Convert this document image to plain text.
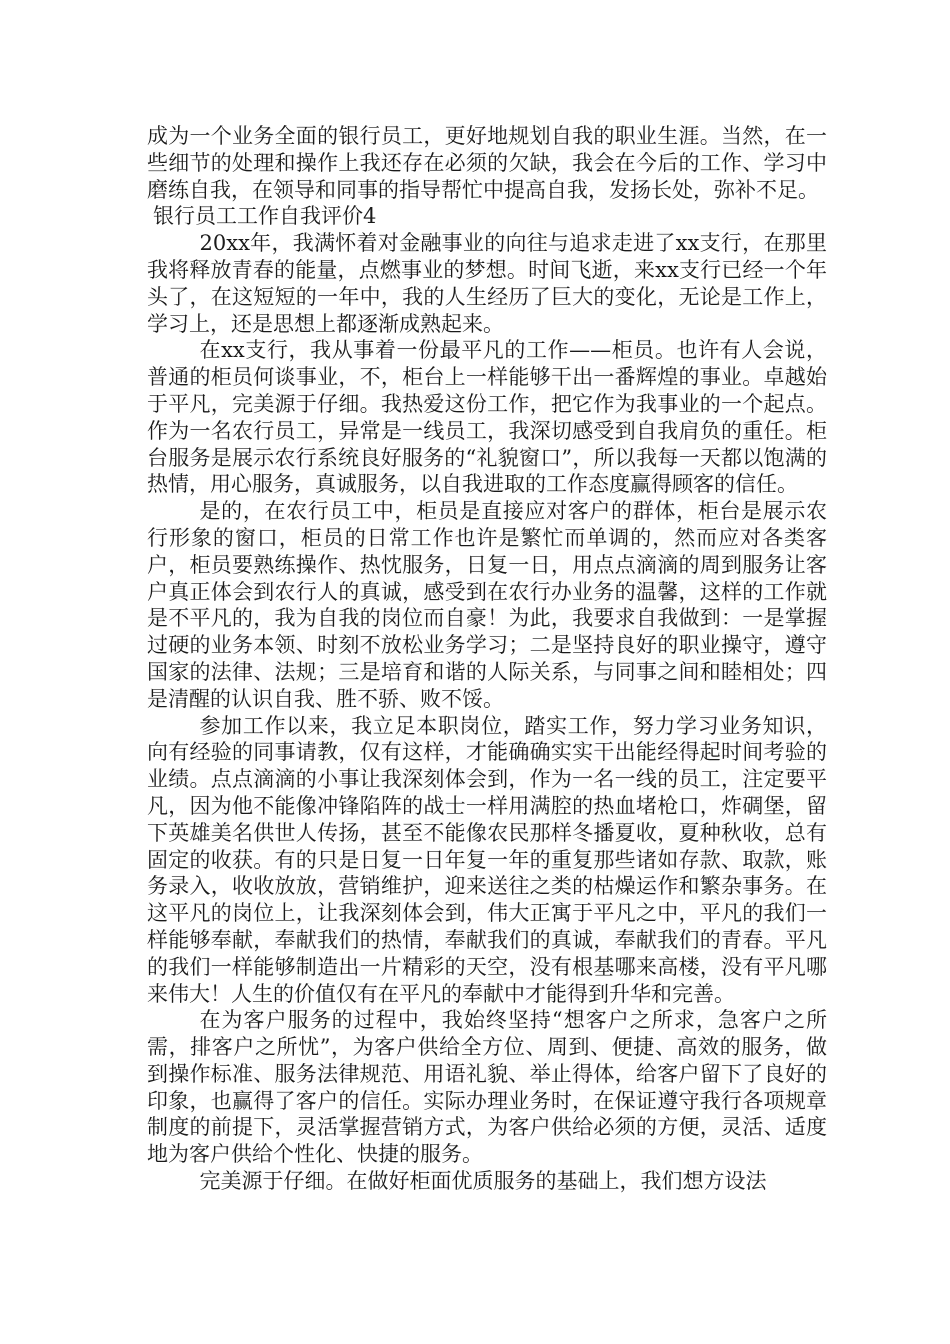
成为一个业务全面的银行员工，更好地规划自我的职业生涯。当然，在一些细节的处理和操作上我还存在必须的欠缺，我会在今后的工作、学习中磨练自我，在领导和同事的指导帮忙中提高自我，发扬长处，弥补不足。

银行员工工作自我评价4

20xx年，我满怀着对金融事业的向往与追求走进了xx支行，在那里我将释放青春的能量，点燃事业的梦想。时间飞逝，来xx支行已经一个年头了，在这短短的一年中，我的人生经历了巨大的变化，无论是工作上，学习上，还是思想上都逐渐成熟起来。

在xx支行，我从事着一份最平凡的工作——柜员。也许有人会说，普通的柜员何谈事业，不，柜台上一样能够干出一番辉煌的事业。卓越始于平凡，完美源于仔细。我热爱这份工作，把它作为我事业的一个起点。作为一名农行员工，异常是一线员工，我深切感受到自我肩负的重任。柜台服务是展示农行系统良好服务的“礼貌窗口”，所以我每一天都以饱满的热情，用心服务，真诚服务，以自我进取的工作态度赢得顾客的信任。

是的，在农行员工中，柜员是直接应对客户的群体，柜台是展示农行形象的窗口，柜员的日常工作也许是繁忙而单调的，然而应对各类客户，柜员要熟练操作、热忱服务，日复一日，用点点滴滴的周到服务让客户真正体会到农行人的真诚，感受到在农行办业务的温馨，这样的工作就是不平凡的，我为自我的岗位而自豪！为此，我要求自我做到：一是掌握过硬的业务本领、时刻不放松业务学习；二是坚持良好的职业操守，遵守国家的法律、法规；三是培育和谐的人际关系，与同事之间和睦相处；四是清醒的认识自我、胜不骄、败不馁。

参加工作以来，我立足本职岗位，踏实工作，努力学习业务知识，向有经验的同事请教，仅有这样，才能确确实实干出能经得起时间考验的业绩。点点滴滴的小事让我深刻体会到，作为一名一线的员工，注定要平凡，因为他不能像冲锋陷阵的战士一样用满腔的热血堵枪口，炸碉堡，留下英雄美名供世人传扬，甚至不能像农民那样冬播夏收，夏种秋收，总有固定的收获。有的只是日复一日年复一年的重复那些诸如存款、取款，账务录入，收收放放，营销维护，迎来送往之类的枯燥运作和繁杂事务。在这平凡的岗位上，让我深刻体会到，伟大正寓于平凡之中，平凡的我们一样能够奉献，奉献我们的热情，奉献我们的真诚，奉献我们的青春。平凡的我们一样能够制造出一片精彩的天空，没有根基哪来高楼，没有平凡哪来伟大！人生的价值仅有在平凡的奉献中才能得到升华和完善。

在为客户服务的过程中，我始终坚持“想客户之所求，急客户之所需，排客户之所忧”，为客户供给全方位、周到、便捷、高效的服务，做到操作标准、服务法律规范、用语礼貌、举止得体，给客户留下了良好的印象，也赢得了客户的信任。实际办理业务时，在保证遵守我行各项规章制度的前提下，灵活掌握营销方式，为客户供给必须的方便，灵活、适度地为客户供给个性化、快捷的服务。

完美源于仔细。在做好柜面优质服务的基础上，我们想方设法
